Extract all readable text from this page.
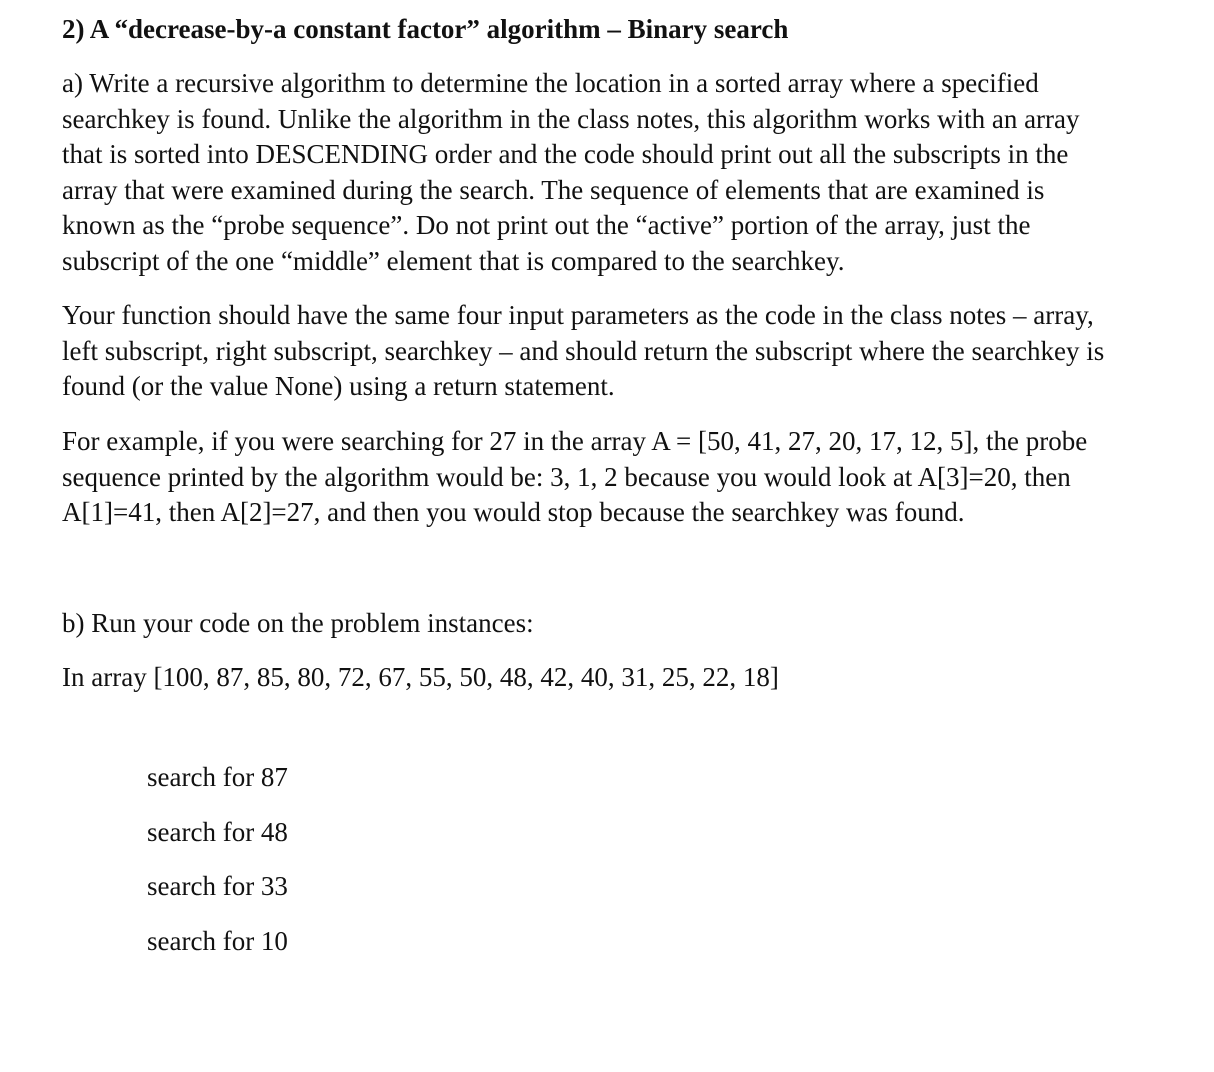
2) A “decrease-by-a constant factor” algorithm – Binary search
a) Write a recursive algorithm to determine the location in a sorted array where a specified
searchkey is found. Unlike the algorithm in the class notes, this algorithm works with an array
that is sorted into DESCENDING order and the code should print out all the subscripts in the
array that were examined during the search. The sequence of elements that are examined is
known as the “probe sequence”. Do not print out the “active” portion of the array, just the
subscript of the one “middle” element that is compared to the searchkey.
Your function should have the same four input parameters as the code in the class notes – array,
left subscript, right subscript, searchkey – and should return the subscript where the searchkey is
found (or the value None) using a return statement.
For example, if you were searching for 27 in the array A = [50, 41, 27, 20, 17, 12, 5], the probe
sequence printed by the algorithm would be: 3, 1, 2 because you would look at A[3]=20, then
A[1]=41, then A[2]=27, and then you would stop because the searchkey was found.
b) Run your code on the problem instances:
In array [100, 87, 85, 80, 72, 67, 55, 50, 48, 42, 40, 31, 25, 22, 18]
search for 87
search for 48
search for 33
search for 10
